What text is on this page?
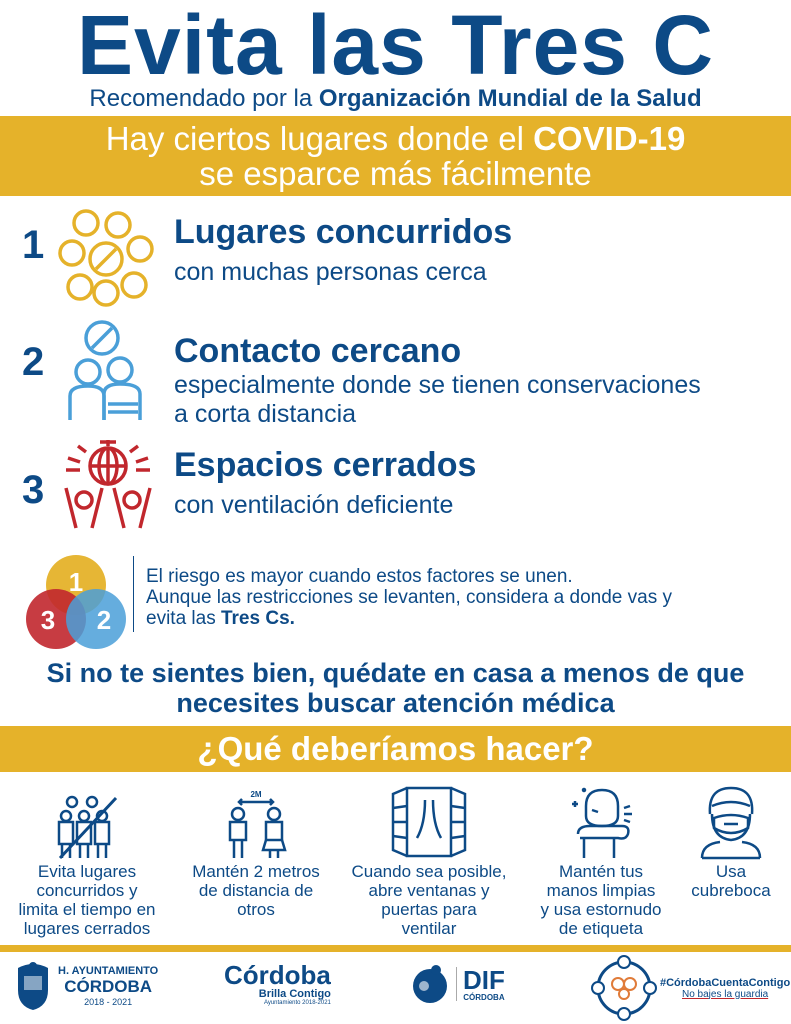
Evita las Tres C
Recomendado por la Organización Mundial de la Salud
Hay ciertos lugares donde el COVID-19
se esparce más fácilmente
1	Lugares concurridos
con muchas personas cerca
2	Contacto cercano
especialmente donde se tienen conservaciones
a corta distancia
3
Espacios cerrados
con ventilación deficiente
1
3 2
El riesgo es mayor cuando estos factores se unen.
Aunque las restricciones se levanten, considera a donde vas y
evita las Tres Cs.
Si no te sientes bien, quédate en casa a menos de que
necesites buscar atención médica
¿Qué deberíamos hacer?
Evita lugares
concurridos y
limita el tiempo en
lugares cerrados
2M
Mantén 2 metros
de distancia de
otros
Cuando sea posible,
abre ventanas y
puertas para
ventilar
Mantén tus
manos limpias
y usa estornudo
de etiqueta
Usa
cubreboca
H. AYUNTAMIENTO
CÓRDOBA
2018 - 2021
Córdoba
Brilla Contigo
Ayuntamiento 2018-2021
DIF
CÓRDOBA
#CórdobaCuentaContigo
No bajes la guardia
